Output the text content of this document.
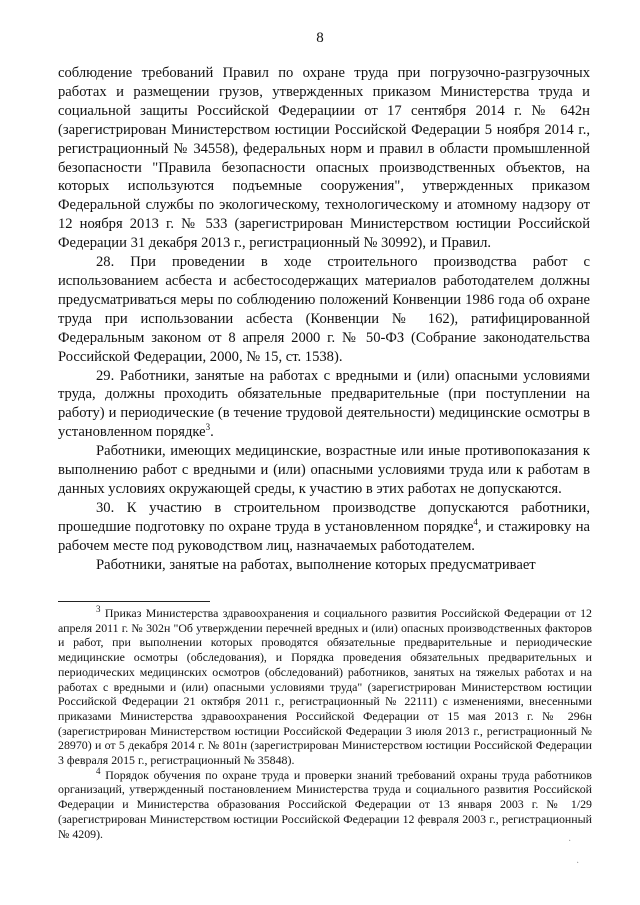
8

соблюдение требований Правил по охране труда при погрузочно-разгрузочных работах и размещении грузов, утвержденных приказом Министерства труда и социальной защиты Российской Федерациии от 17 сентября 2014 г. № 642н (зарегистрирован Министерством юстиции Российской Федерации 5 ноября 2014 г., регистрационный № 34558), федеральных норм и правил в области промышленной безопасности "Правила безопасности опасных производственных объектов, на которых используются подъемные сооружения", утвержденных приказом Федеральной службы по экологическому, технологическому и атомному надзору от 12 ноября 2013 г. № 533 (зарегистрирован Министерством юстиции Российской Федерации 31 декабря 2013 г., регистрационный № 30992), и Правил.

28. При проведении в ходе строительного производства работ с использованием асбеста и асбестосодержащих материалов работодателем должны предусматриваться меры по соблюдению положений Конвенции 1986 года об охране труда при использовании асбеста (Конвенции № 162), ратифицированной Федеральным законом от 8 апреля 2000 г. № 50-ФЗ (Собрание законодательства Российской Федерации, 2000, № 15, ст. 1538).

29. Работники, занятые на работах с вредными и (или) опасными условиями труда, должны проходить обязательные предварительные (при поступлении на работу) и периодические (в течение трудовой деятельности) медицинские осмотры в установленном порядке$^3$.

Работники, имеющих медицинские, возрастные или иные противопоказания к выполнению работ с вредными и (или) опасными условиями труда или к работам в данных условиях окружающей среды, к участию в этих работах не допускаются.

30. К участию в строительном производстве допускаются работники, прошедшие подготовку по охране труда в установленном порядке$^4$, и стажировку на рабочем месте под руководством лиц, назначаемых работодателем.

Работники, занятые на работах, выполнение которых предусматривает

$^3$ Приказ Министерства здравоохранения и социального развития Российской Федерации от 12 апреля 2011 г. № 302н "Об утверждении перечней вредных и (или) опасных производственных факторов и работ, при выполнении которых проводятся обязательные предварительные и периодические медицинские осмотры (обследования), и Порядка проведения обязательных предварительных и периодических медицинских осмотров (обследований) работников, занятых на тяжелых работах и на работах с вредными и (или) опасными условиями труда" (зарегистрирован Министерством юстиции Российской Федерации 21 октября 2011 г., регистрационный № 22111) с изменениями, внесенными приказами Министерства здравоохранения Российской Федерации от 15 мая 2013 г. № 296н (зарегистрирован Министерством юстиции Российской Федерации 3 июля 2013 г., регистрационный № 28970) и от 5 декабря 2014 г. № 801н (зарегистрирован Министерством юстиции Российской Федерации 3 февраля 2015 г., регистрационный № 35848).

$^4$ Порядок обучения по охране труда и проверки знаний требований охраны труда работников организаций, утвержденный постановлением Министерства труда и социального развития Российской Федерации и Министерства образования Российской Федерации от 13 января 2003 г. № 1/29 (зарегистрирован Министерством юстиции Российской Федерации 12 февраля 2003 г., регистрационный № 4209).

·
·
